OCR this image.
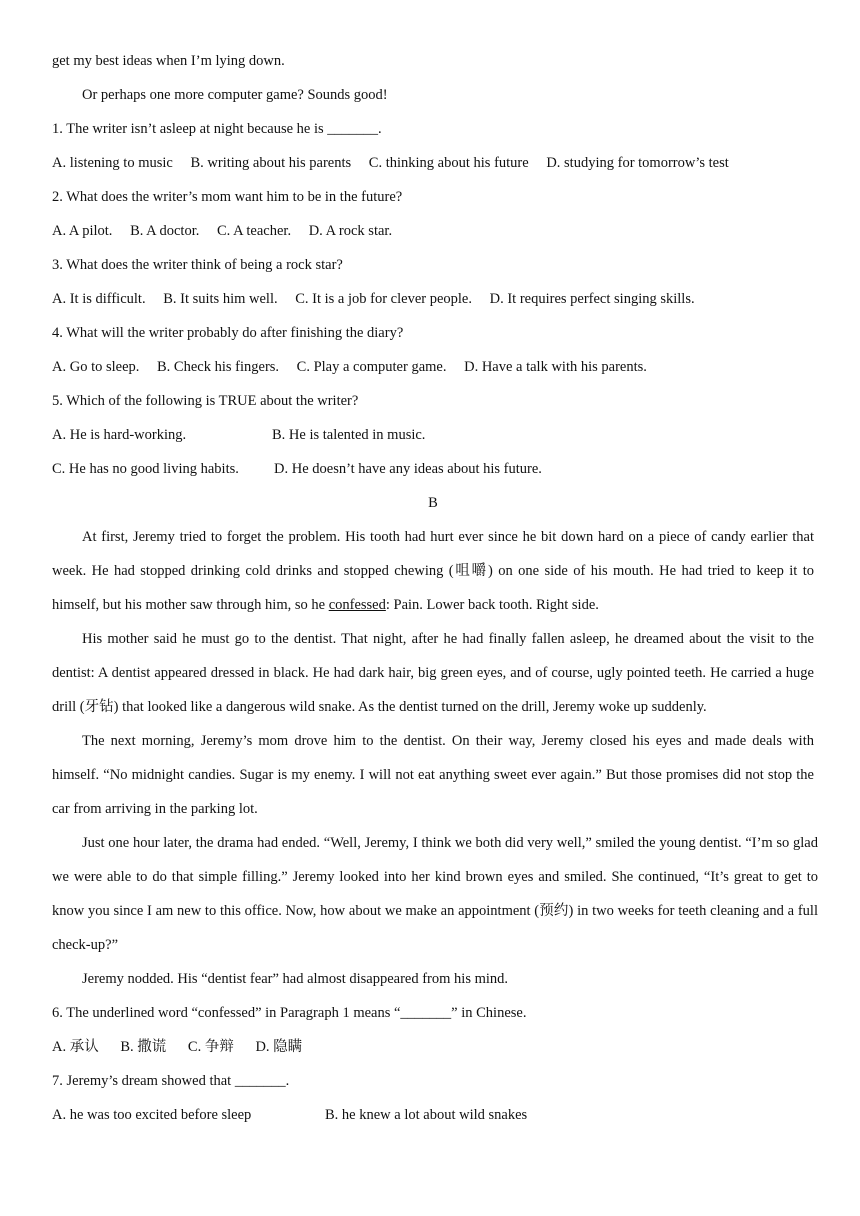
get my best ideas when I’m lying down.
Or perhaps one more computer game? Sounds good!
1. The writer isn’t asleep at night because he is _______.
A. listening to music B. writing about his parents C. thinking about his future D. studying for tomorrow’s test
2. What does the writer’s mom want him to be in the future?
A. A pilot. B. A doctor. C. A teacher. D. A rock star.
3. What does the writer think of being a rock star?
A. It is difficult. B. It suits him well. C. It is a job for clever people. D. It requires perfect singing skills.
4. What will the writer probably do after finishing the diary?
A. Go to sleep. B. Check his fingers. C. Play a computer game. D. Have a talk with his parents.
5. Which of the following is TRUE about the writer?
A. He is hard-working.	B. He is talented in music.
C. He has no good living habits. D. He doesn’t have any ideas about his future.
B
At first, Jeremy tried to forget the problem. His tooth had hurt ever since he bit down hard on a piece of candy earlier that week. He had stopped drinking cold drinks and stopped chewing (咀嚼) on one side of his mouth. He had tried to keep it to himself, but his mother saw through him, so he confessed: Pain. Lower back tooth. Right side.
His mother said he must go to the dentist. That night, after he had finally fallen asleep, he dreamed about the visit to the dentist: A dentist appeared dressed in black. He had dark hair, big green eyes, and of course, ugly pointed teeth. He carried a huge drill (牙钻) that looked like a dangerous wild snake. As the dentist turned on the drill, Jeremy woke up suddenly.
The next morning, Jeremy’s mom drove him to the dentist. On their way, Jeremy closed his eyes and made deals with himself. “No midnight candies. Sugar is my enemy. I will not eat anything sweet ever again.” But those promises did not stop the car from arriving in the parking lot.
Just one hour later, the drama had ended. “Well, Jeremy, I think we both did very well,” smiled the young dentist. “I’m so glad we were able to do that simple filling.” Jeremy looked into her kind brown eyes and smiled. She continued, “It’s great to get to know you since I am new to this office. Now, how about we make an appointment (预约) in two weeks for teeth cleaning and a full check-up?”
Jeremy nodded. His “dentist fear” had almost disappeared from his mind.
6. The underlined word “confessed” in Paragraph 1 means “_______” in Chinese.
A. 承认 B. 撒谎 C. 争辩 D. 隐瞒
7. Jeremy’s dream showed that _______.
A. he was too excited before sleep	B. he knew a lot about wild snakes
